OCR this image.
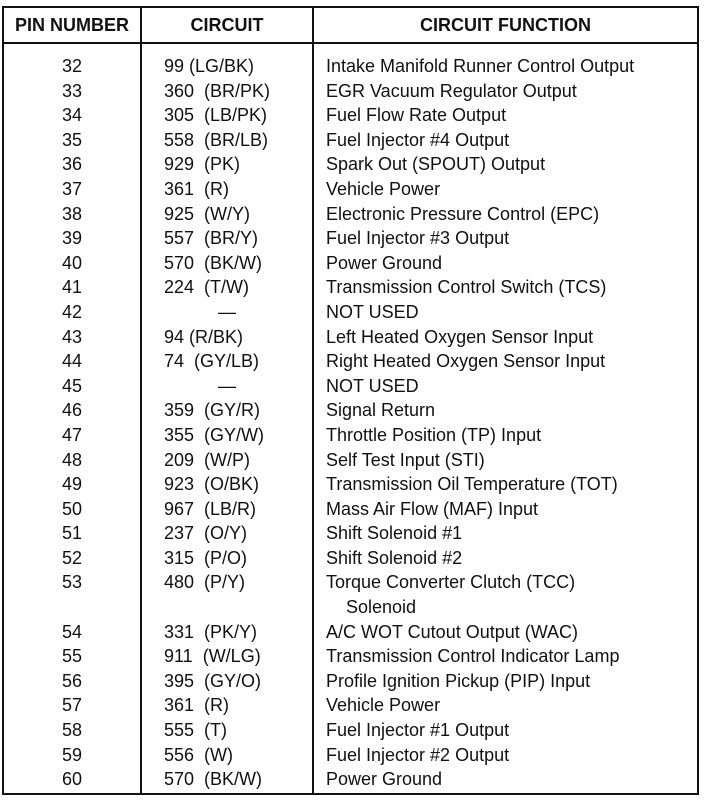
PIN NUMBER	CIRCUIT	CIRCUIT FUNCTION
32	99 (LG/BK)	Intake Manifold Runner Control Output
33	360  (BR/PK)	EGR Vacuum Regulator Output
34	305  (LB/PK)	Fuel Flow Rate Output
35	558  (BR/LB)	Fuel Injector #4 Output
36	929  (PK)	Spark Out (SPOUT) Output
37	361  (R)	Vehicle Power
38	925  (W/Y)	Electronic Pressure Control (EPC)
39	557  (BR/Y)	Fuel Injector #3 Output
40	570  (BK/W)	Power Ground
41	224  (T/W)	Transmission Control Switch (TCS)
42	—	NOT USED
43	94 (R/BK)	Left Heated Oxygen Sensor Input
44	74  (GY/LB)	Right Heated Oxygen Sensor Input
45	—	NOT USED
46	359  (GY/R)	Signal Return
47	355  (GY/W)	Throttle Position (TP) Input
48	209  (W/P)	Self Test Input (STI)
49	923  (O/BK)	Transmission Oil Temperature (TOT)
50	967  (LB/R)	Mass Air Flow (MAF) Input
51	237  (O/Y)	Shift Solenoid #1
52	315  (P/O)	Shift Solenoid #2
53	480  (P/Y)	Torque Converter Clutch (TCC)
Solenoid
54	331  (PK/Y)	A/C WOT Cutout Output (WAC)
55	911  (W/LG)	Transmission Control Indicator Lamp
56	395  (GY/O)	Profile Ignition Pickup (PIP) Input
57	361  (R)	Vehicle Power
58	555  (T)	Fuel Injector #1 Output
59	556  (W)	Fuel Injector #2 Output
60	570  (BK/W)	Power Ground
